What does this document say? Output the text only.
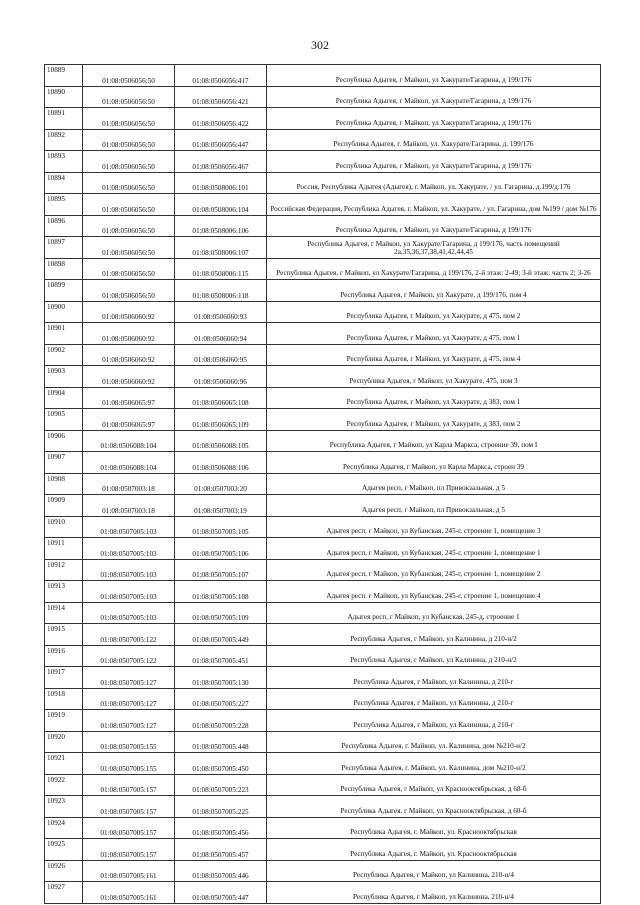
302
10889	01:08:0506056:50	01:08:0506056:417	Республика Адыгея, г Майкоп, ул Хакурате/Гагарина, д 199/176

10890	01:08:0506056:50	01:08:0506056:421	Республика Адыгея, г Майкоп, ул Хакурате/Гагарина, д 199/176

10891	01:08:0506056:50	01:08:0506056:422	Республика Адыгея, г Майкоп, ул Хакурате/Гагарина, д 199/176

10892	01:08:0506056:50	01:08:0506056:447	Республика Адыгея, г. Майкоп, ул. Хакурате/Гагарина, д. 199/176

10893	01:08:0506056:50	01:08:0506056:467	Республика Адыгея, г Майкоп, ул Хакурате/Гагарина, д 199/176

10894	01:08:0506056:50	01:08:0508006:101	Россия, Республика Адыгея (Адыгея), г. Майкоп, ул. Хакурате, / ул. Гагарина, д.199/д.176

10895	01:08:0506056:50	01:08:0508006:104	Российская Федерация, Республика Адыгея, г. Майкоп, ул. Хакурате, / ул. Гагарина, дом №199 / дом №176

10896	01:08:0506056:50	01:08:0508006:106	Республика Адыгея, г Майкоп, ул Хакурате/Гагарина, д 199/176

10897	01:08:0506056:50	01:08:0508006:107	Республика Адыгея, г Майкоп, ул Хакурате/Гагарина, д 199/176, часть помещений 2а,35,36,37,38,41,42,44,45

10898	01:08:0506056:50	01:08:0508006:115	Республика Адыгея, г Майкоп, ул Хакурате/Гагарина, д 199/176, 2-й этаж: 2-49; 3-й этаж: часть 2; 3-26

10899	01:08:0506056:50	01:08:0508006:118	Республика Адыгея, г Майкоп, ул Хакурате, д 199/176, пом 4

10900	01:08:0506060:92	01:08:0506060:93	Республика Адыгея, г Майкоп, ул Хакурате, д 475, пом 2

10901	01:08:0506060:92	01:08:0506060:94	Республика Адыгея, г Майкоп, ул Хакурате, д 475, пом 1

10902	01:08:0506060:92	01:08:0506060:95	Республика Адыгея, г Майкоп, ул Хакурате, д 475, пом 4

10903	01:08:0506060:92	01:08:0506060:96	Республика Адыгея, г Майкоп, ул Хакурате, 475, пом 3

10904	01:08:0506065:97	01:08:0506065:108	Республика Адыгея, г Майкоп, ул Хакурате, д 383, пом 1

10905	01:08:0506065:97	01:08:0506065:109	Республика Адыгея, г Майкоп, ул Хакурате, д 383, пом 2

10906	01:08:0506088:104	01:08:0506088:105	Республика Адыгея, г Майкоп, ул Карла Маркса, строение 39, пом I

10907	01:08:0506088:104	01:08:0506088:106	Республика Адыгея, г Майкоп, ул Карла Маркса, строен 39

10908	01:08:0507003:18	01:08:0507003:20	Адыгея респ, г Майкоп, пл Привокзальная, д 5

10909	01:08:0507003:18	01:08:0507003:19	Адыгея респ, г Майкоп, пл Привокзальная, д 5

10910	01:08:0507005:103	01:08:0507005:105	Адыгея респ, г Майкоп, ул Кубанская, 245-г, строение 1, помещение 3

10911	01:08:0507005:103	01:08:0507005:106	Адыгея респ, г Майкоп, ул Кубанская, 245-г, строение 1, помещение 1

10912	01:08:0507005:103	01:08:0507005:107	Адыгея респ, г Майкоп, ул Кубанская, 245-г, строение 1, помещение 2

10913	01:08:0507005:103	01:08:0507005:108	Адыгея респ. г Майкоп, ул Кубанская, 245-г, строение 1, помещение 4

10914	01:08:0507005:103	01:08:0507005:109	Адыгея респ, г Майкоп, ул Кубанская, 245-д, строение 1

10915	01:08:0507005:122	01:08:0507005:449	Республика Адыгея, г Майкоп, ул Калинина, д 210-н/2

10916	01:08:0507005:122	01:08:0507005:451	Республика Адыгея, г Майкоп, ул Калинина, д 210-н/2

10917	01:08:0507005:127	01:08:0507005:130	Республика Адыгея, г Майкоп, ул Калинина, д 210-г

10918	01:08:0507005:127	01:08:0507005:227	Республика Адыгея, г Майкоп, ул Калинина, д 210-г

10919	01:08:0507005:127	01:08:0507005:228	Республика Адыгея, г Майкоп, ул Калинина, д 210-г

10920	01:08:0507005:155	01:08:0507005:448	Республика Адыгея, г. Майкоп, ул. Калинина, дом №210-н/2

10921	01:08:0507005:155	01:08:0507005:450	Республика Адыгея, г. Майкоп, ул. Калинина, дом №210-н/2

10922	01:08:0507005:157	01:08:0507005:223	Республика Адыгея, г Майкоп, ул Краснооктябрьская, д 68-б

10923	01:08:0507005:157	01:08:0507005:225	Республика Адыгея, г Майкоп, ул Краснооктябрьская, д 68-б

10924	01:08:0507005:157	01:08:0507005:456	Республика Адыгея, г. Майкоп, ул. Краснооктябрьская

10925	01:08:0507005:157	01:08:0507005:457	Республика Адыгея, г. Майкоп, ул. Краснооктябрьская

10926	01:08:0507005:161	01:08:0507005:446	Республика Адыгея, г Майкоп, ул Калинина, 210-н/4

10927	01:08:0507005:161	01:08:0507005:447	Республика Адыгея, г Майкоп, ул Калинина, 210-н/4
